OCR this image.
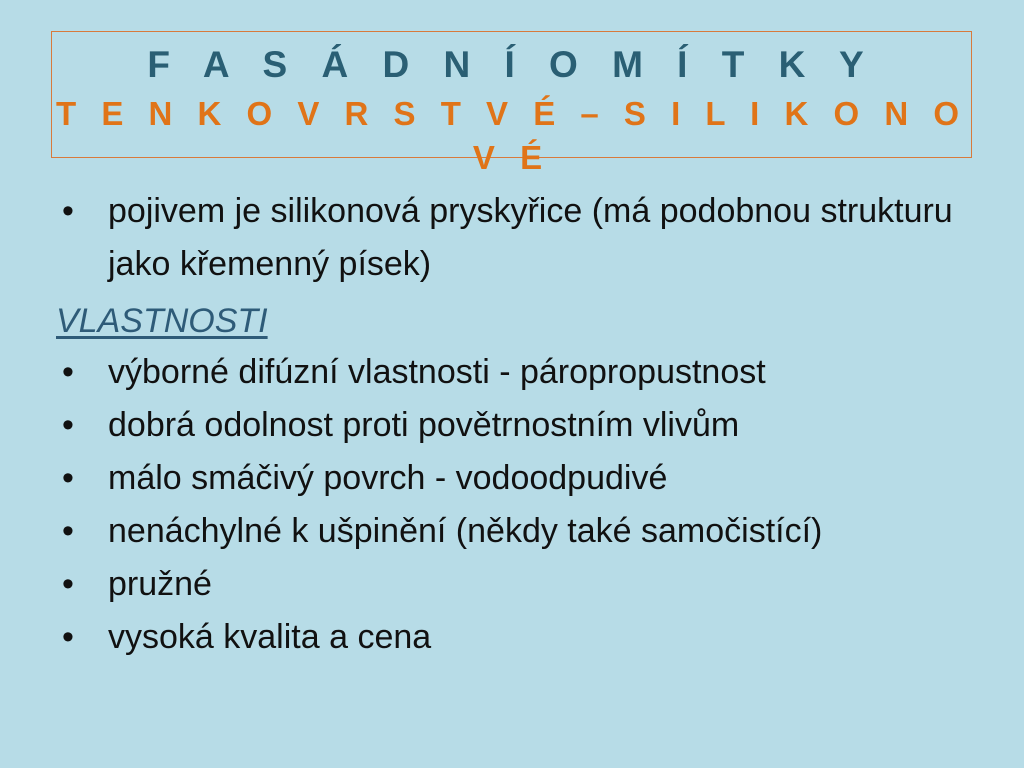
F A S Á D N Í O M Í T K Y
T E N K O V R S T V É – S I L I K O N O V É
• pojivem je silikonová pryskyřice (má podobnou strukturu jako křemenný písek)
VLASTNOSTI
• výborné difúzní vlastnosti - páropropustnost
• dobrá odolnost proti povětrnostním vlivům
• málo smáčivý povrch - vodoodpudivé
• nenáchylné k ušpinění (někdy také samočistící)
• pružné
• vysoká kvalita a cena
